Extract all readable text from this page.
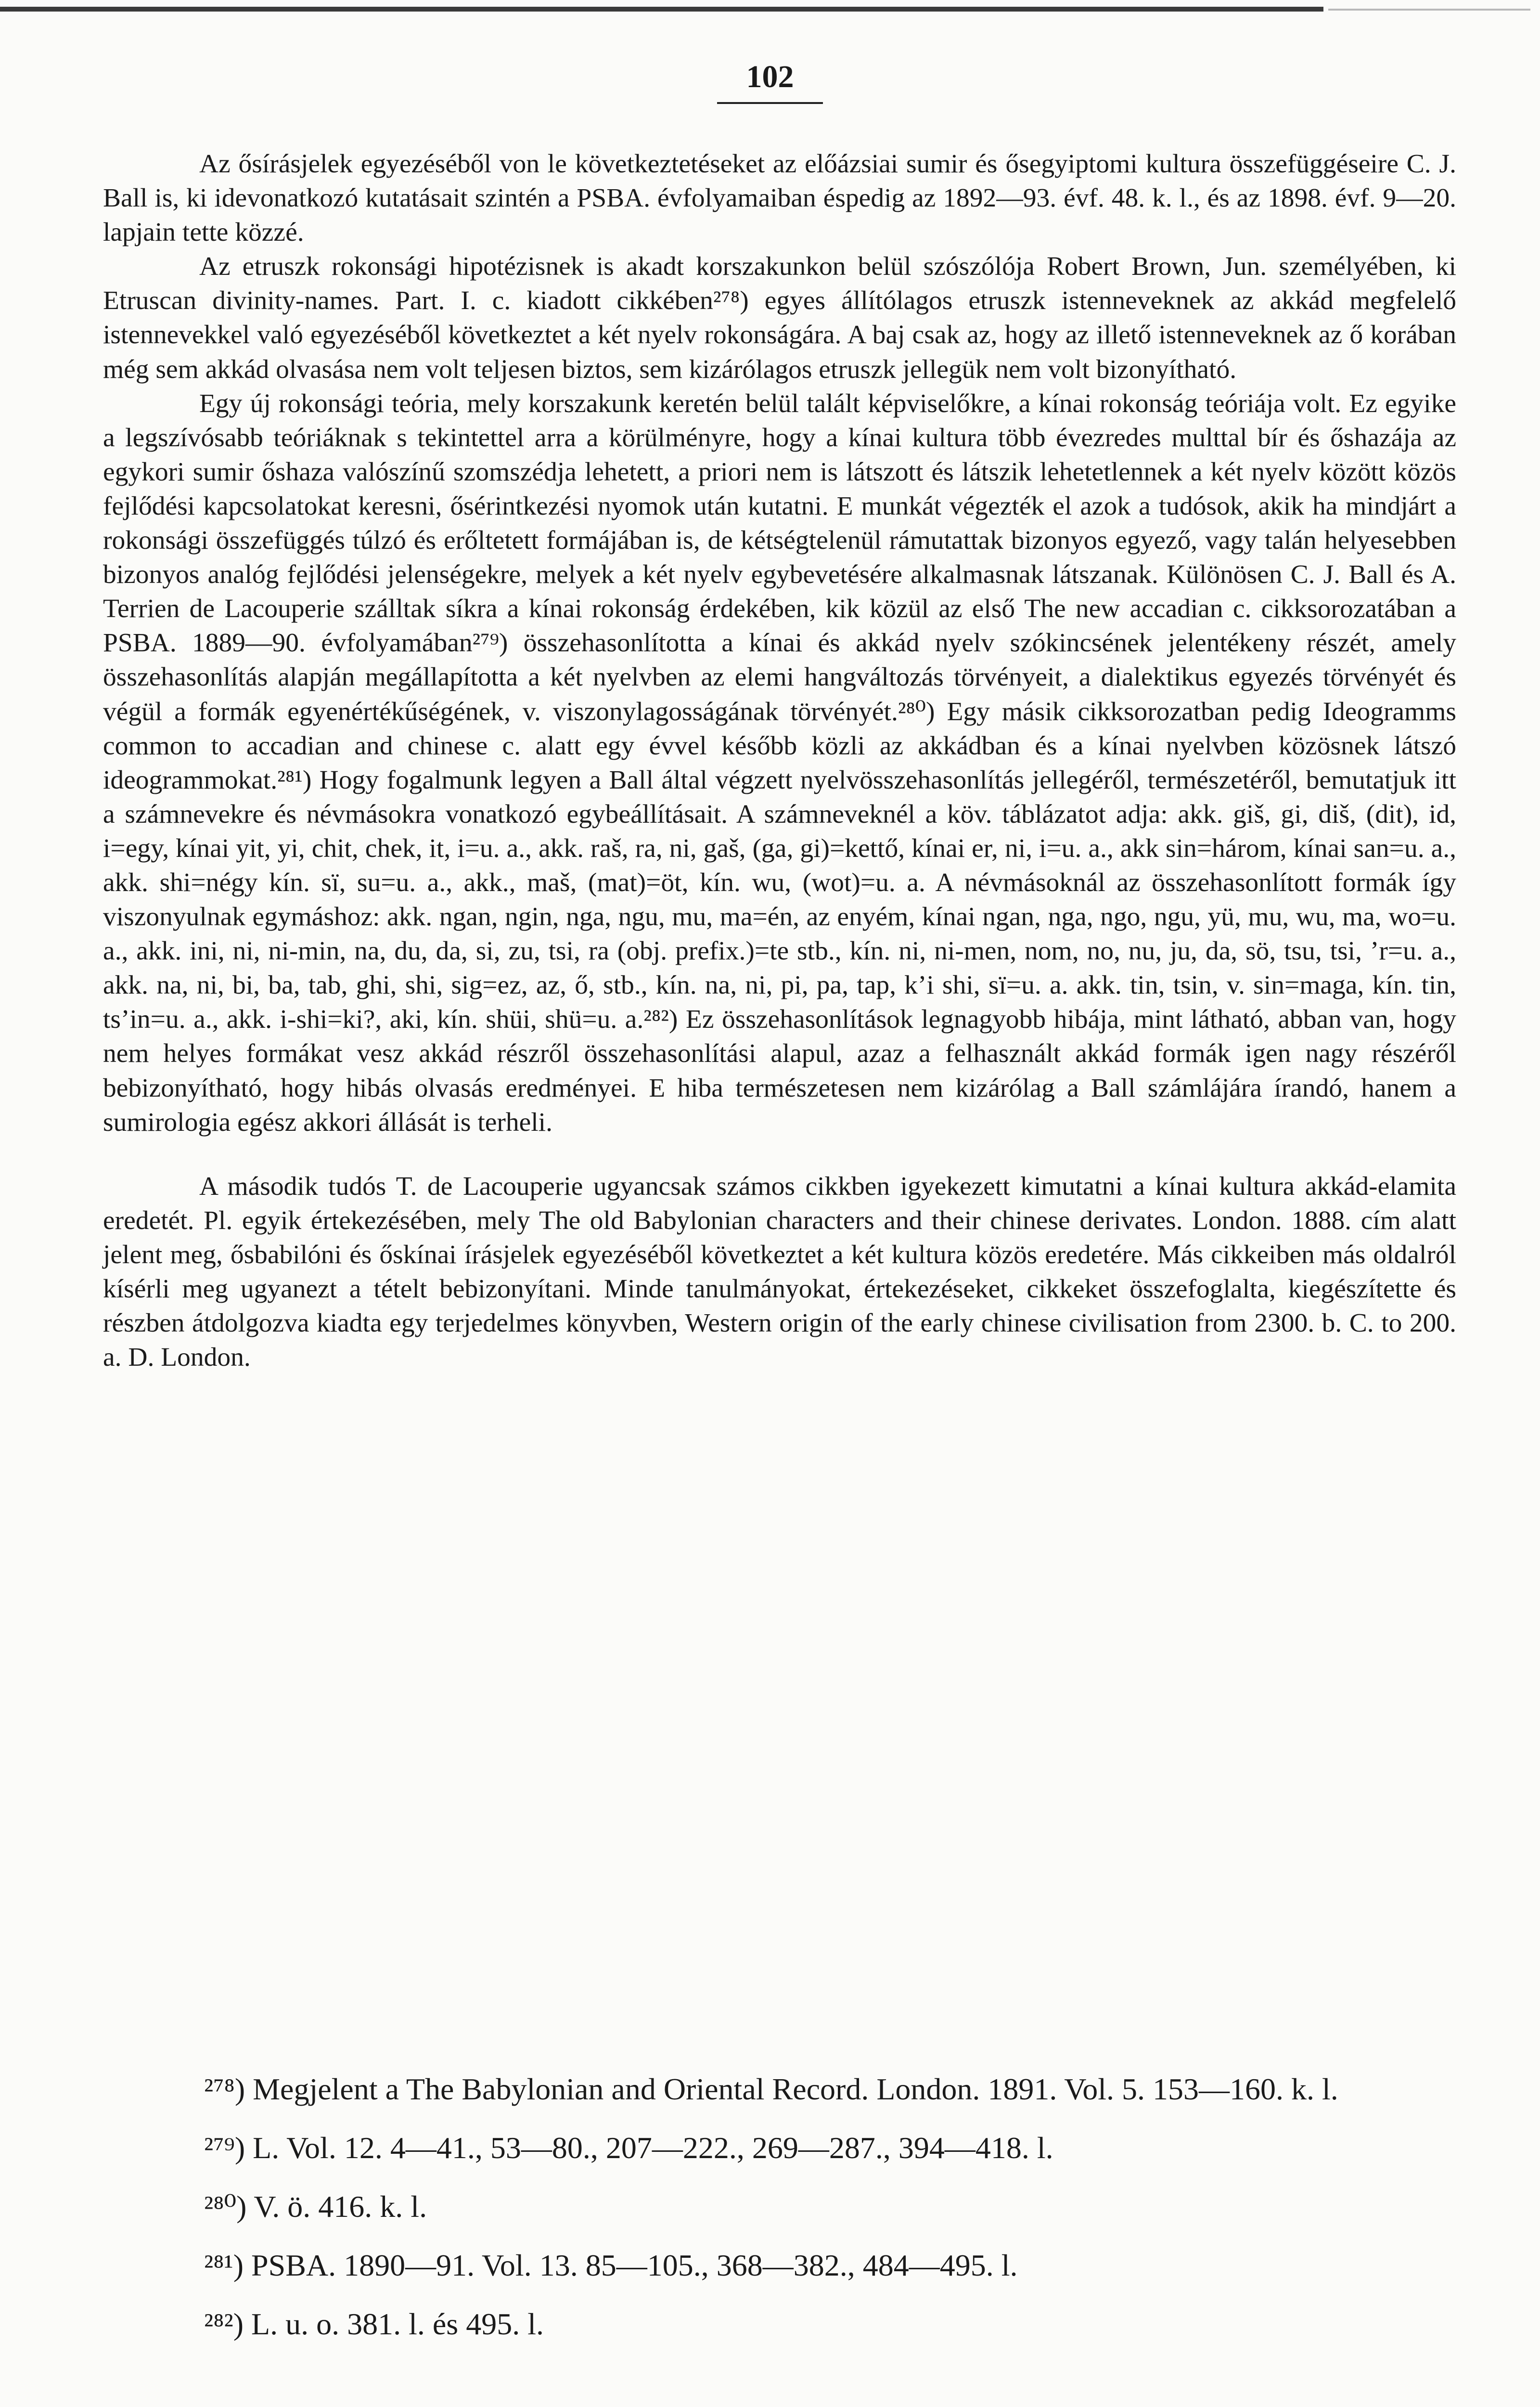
102

Az ősírásjelek egyezéséből von le következtetéseket az előázsiai sumir és ősegyiptomi kultura összefüggéseire C. J. Ball is, ki idevonatkozó kutatásait szintén a PSBA. évfolyamaiban éspedig az 1892—93. évf. 48. k. l., és az 1898. évf. 9—20. lapjain tette közzé.

Az etruszk rokonsági hipotézisnek is akadt korszakunkon belül szószólója Robert Brown, Jun. személyében, ki Etruscan divinity-names. Part. I. c. kiadott cikkében²⁷⁸) egyes állítólagos etruszk istenneveknek az akkád megfelelő istennevekkel való egyezéséből következtet a két nyelv rokonságára. A baj csak az, hogy az illető istenneveknek az ő korában még sem akkád olvasása nem volt teljesen biztos, sem kizárólagos etruszk jellegük nem volt bizonyítható.

Egy új rokonsági teória, mely korszakunk keretén belül talált képviselőkre, a kínai rokonság teóriája volt. Ez egyike a legszívósabb teóriáknak s tekintettel arra a körülményre, hogy a kínai kultura több évezredes multtal bír és őshazája az egykori sumir őshaza valószínű szomszédja lehetett, a priori nem is látszott és látszik lehetetlennek a két nyelv között közös fejlődési kapcsolatokat keresni, ősérintkezési nyomok után kutatni. E munkát végezték el azok a tudósok, akik ha mindjárt a rokonsági összefüggés túlzó és erőltetett formájában is, de kétségtelenül rámutattak bizonyos egyező, vagy talán helyesebben bizonyos analóg fejlődési jelenségekre, melyek a két nyelv egybevetésére alkalmasnak látszanak. Különösen C. J. Ball és A. Terrien de Lacouperie szálltak síkra a kínai rokonság érdekében, kik közül az első The new accadian c. cikksorozatában a PSBA. 1889—90. évfolyamában²⁷⁹) összehasonlította a kínai és akkád nyelv szókincsének jelentékeny részét, amely összehasonlítás alapján megállapította a két nyelvben az elemi hangváltozás törvényeit, a dialektikus egyezés törvényét és végül a formák egyenértékűségének, v. viszonylagosságának törvényét.²⁸⁰) Egy másik cikksorozatban pedig Ideogramms common to accadian and chinese c. alatt egy évvel később közli az akkádban és a kínai nyelvben közösnek látszó ideogrammokat.²⁸¹) Hogy fogalmunk legyen a Ball által végzett nyelvösszehasonlítás jellegéről, természetéről, bemutatjuk itt a számnevekre és névmásokra vonatkozó egybeállításait. A számneveknél a köv. táblázatot adja: akk. giš, gi, diš, (dit), id, i=egy, kínai yit, yi, chit, chek, it, i=u. a., akk. raš, ra, ni, gaš, (ga, gi)=kettő, kínai er, ni, i=u. a., akk sin=három, kínai san=u. a., akk. shi=négy kín. sï, su=u. a., akk., maš, (mat)=öt, kín. wu, (wot)=u. a. A névmásoknál az összehasonlított formák így viszonyulnak egymáshoz: akk. ngan, ngin, nga, ngu, mu, ma=én, az enyém, kínai ngan, nga, ngo, ngu, yü, mu, wu, ma, wo=u. a., akk. ini, ni, ni-min, na, du, da, si, zu, tsi, ra (obj. prefix.)=te stb., kín. ni, ni-men, nom, no, nu, ju, da, sö, tsu, tsi, ’r=u. a., akk. na, ni, bi, ba, tab, ghi, shi, sig=ez, az, ő, stb., kín. na, ni, pi, pa, tap, k’i shi, sï=u. a. akk. tin, tsin, v. sin=maga, kín. tin, ts’in=u. a., akk. i-shi=ki?, aki, kín. shüi, shü=u. a.²⁸²) Ez összehasonlítások legnagyobb hibája, mint látható, abban van, hogy nem helyes formákat vesz akkád részről összehasonlítási alapul, azaz a felhasznált akkád formák igen nagy részéről bebizonyítható, hogy hibás olvasás eredményei. E hiba természetesen nem kizárólag a Ball számlájára írandó, hanem a sumirologia egész akkori állását is terheli.

A második tudós T. de Lacouperie ugyancsak számos cikkben igyekezett kimutatni a kínai kultura akkád-elamita eredetét. Pl. egyik értekezésében, mely The old Babylonian characters and their chinese derivates. London. 1888. cím alatt jelent meg, ősbabilóni és őskínai írásjelek egyezéséből következtet a két kultura közös eredetére. Más cikkeiben más oldalról kísérli meg ugyanezt a tételt bebizonyítani. Minde tanulmányokat, értekezéseket, cikkeket összefoglalta, kiegészítette és részben átdolgozva kiadta egy terjedelmes könyvben, Western origin of the early chinese civilisation from 2300. b. C. to 200. a. D. London.

²⁷⁸) Megjelent a The Babylonian and Oriental Record. London. 1891. Vol. 5. 153—160. k. l.

²⁷⁹) L. Vol. 12. 4—41., 53—80., 207—222., 269—287., 394—418. l.

²⁸⁰) V. ö. 416. k. l.

²⁸¹) PSBA. 1890—91. Vol. 13. 85—105., 368—382., 484—495. l.

²⁸²) L. u. o. 381. l. és 495. l.
